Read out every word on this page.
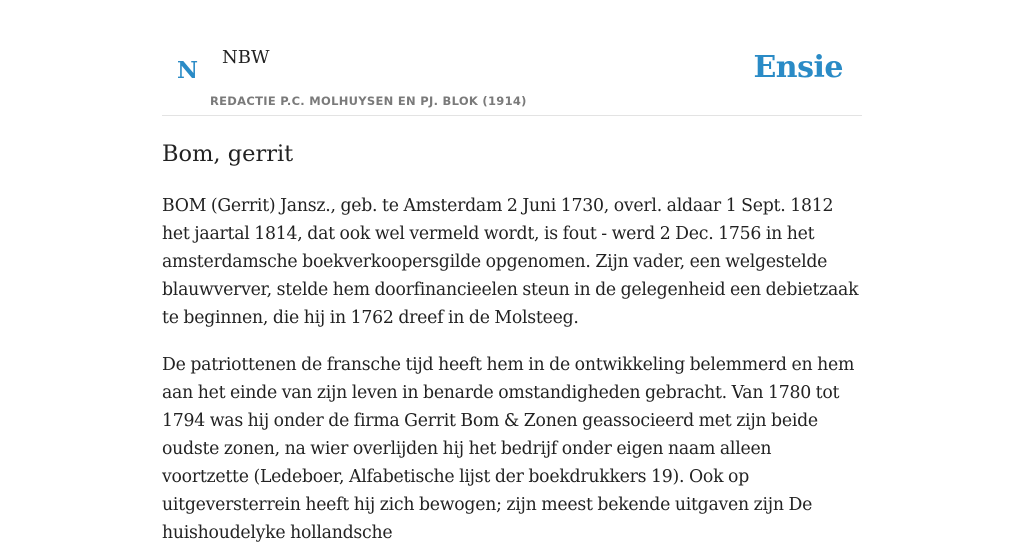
N NBW
REDACTIE P.C. MOLHUYSEN EN PJ. BLOK (1914)
Ensie
Bom, gerrit

BOM (Gerrit) Jansz., geb. te Amsterdam 2 Juni 1730, overl. aldaar 1 Sept. 1812 het jaartal 1814, dat ook wel vermeld wordt, is fout - werd 2 Dec. 1756 in het amsterdamsche boekverkoopersgilde opgenomen. Zijn vader, een welgestelde blauwverver, stelde hem doorfinancieelen steun in de gelegenheid een debietzaak te beginnen, die hij in 1762 dreef in de Molsteeg.

De patriottenen de fransche tijd heeft hem in de ontwikkeling belemmerd en hem aan het einde van zijn leven in benarde omstandigheden gebracht. Van 1780 tot 1794 was hij onder de firma Gerrit Bom & Zonen geassocieerd met zijn beide oudste zonen, na wier overlijden hij het bedrijf onder eigen naam alleen voortzette (Ledeboer, Alfabetische lijst der boekdrukkers 19). Ook op uitgeversterrein heeft hij zich bewogen; zijn meest bekende uitgaven zijn De huishoudelyke hollandsche
